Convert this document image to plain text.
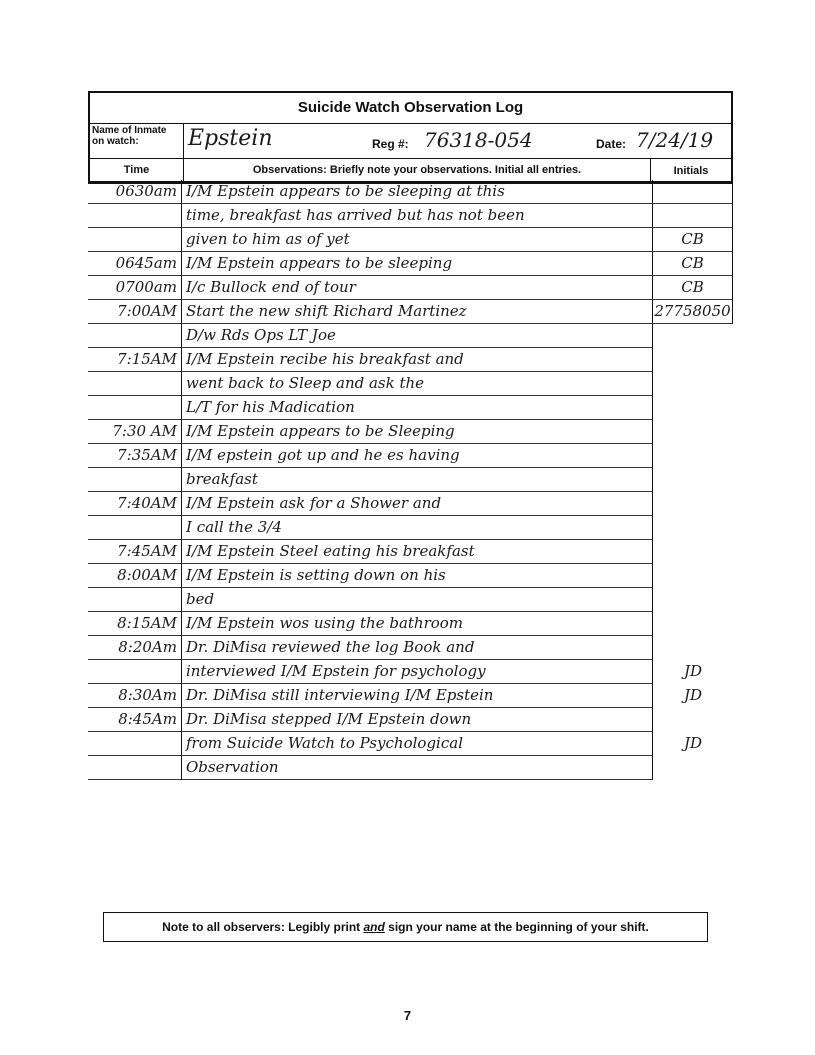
Suicide Watch Observation Log
Name of Inmate on watch:	Epstein	Reg #: 76318-054	Date: 7/24/19
Time	Observations: Briefly note your observations. Initial all entries.	Initials
0630am I/M Epstein appears to be sleeping at this
time, breakfast has arrived but has not been
given to him as of yet	CB
0645am I/M Epstein appears to be sleeping	CB
0700am I/c Bullock end of tour	CB
7:00AM Start the new shift Richard Martinez	27758050
D/w Rds Ops LT Joe
7:15AM I/M Epstein recibe his breakfast and
went back to Sleep and ask the
L/T for his Madication
7:30 AM I/M Epstein appears to be Sleeping
7:35AM I/M epstein got up and he es having
breakfast
7:40AM I/M Epstein ask for a Shower and
I call the 3/4
7:45AM I/M Epstein Steel eating his breakfast
8:00AM I/M Epstein is setting down on his
bed
8:15AM I/M Epstein wos using the bathroom
8:20Am Dr. DiMisa reviewed the log Book and
interviewed I/M Epstein for psychology	JD
8:30Am Dr. DiMisa still interviewing I/M Epstein	JD
8:45Am Dr. DiMisa stepped I/M Epstein down
from Suicide Watch to Psychological	JD
Observation
Note to all observers: Legibly print and sign your name at the beginning of your shift.
7
